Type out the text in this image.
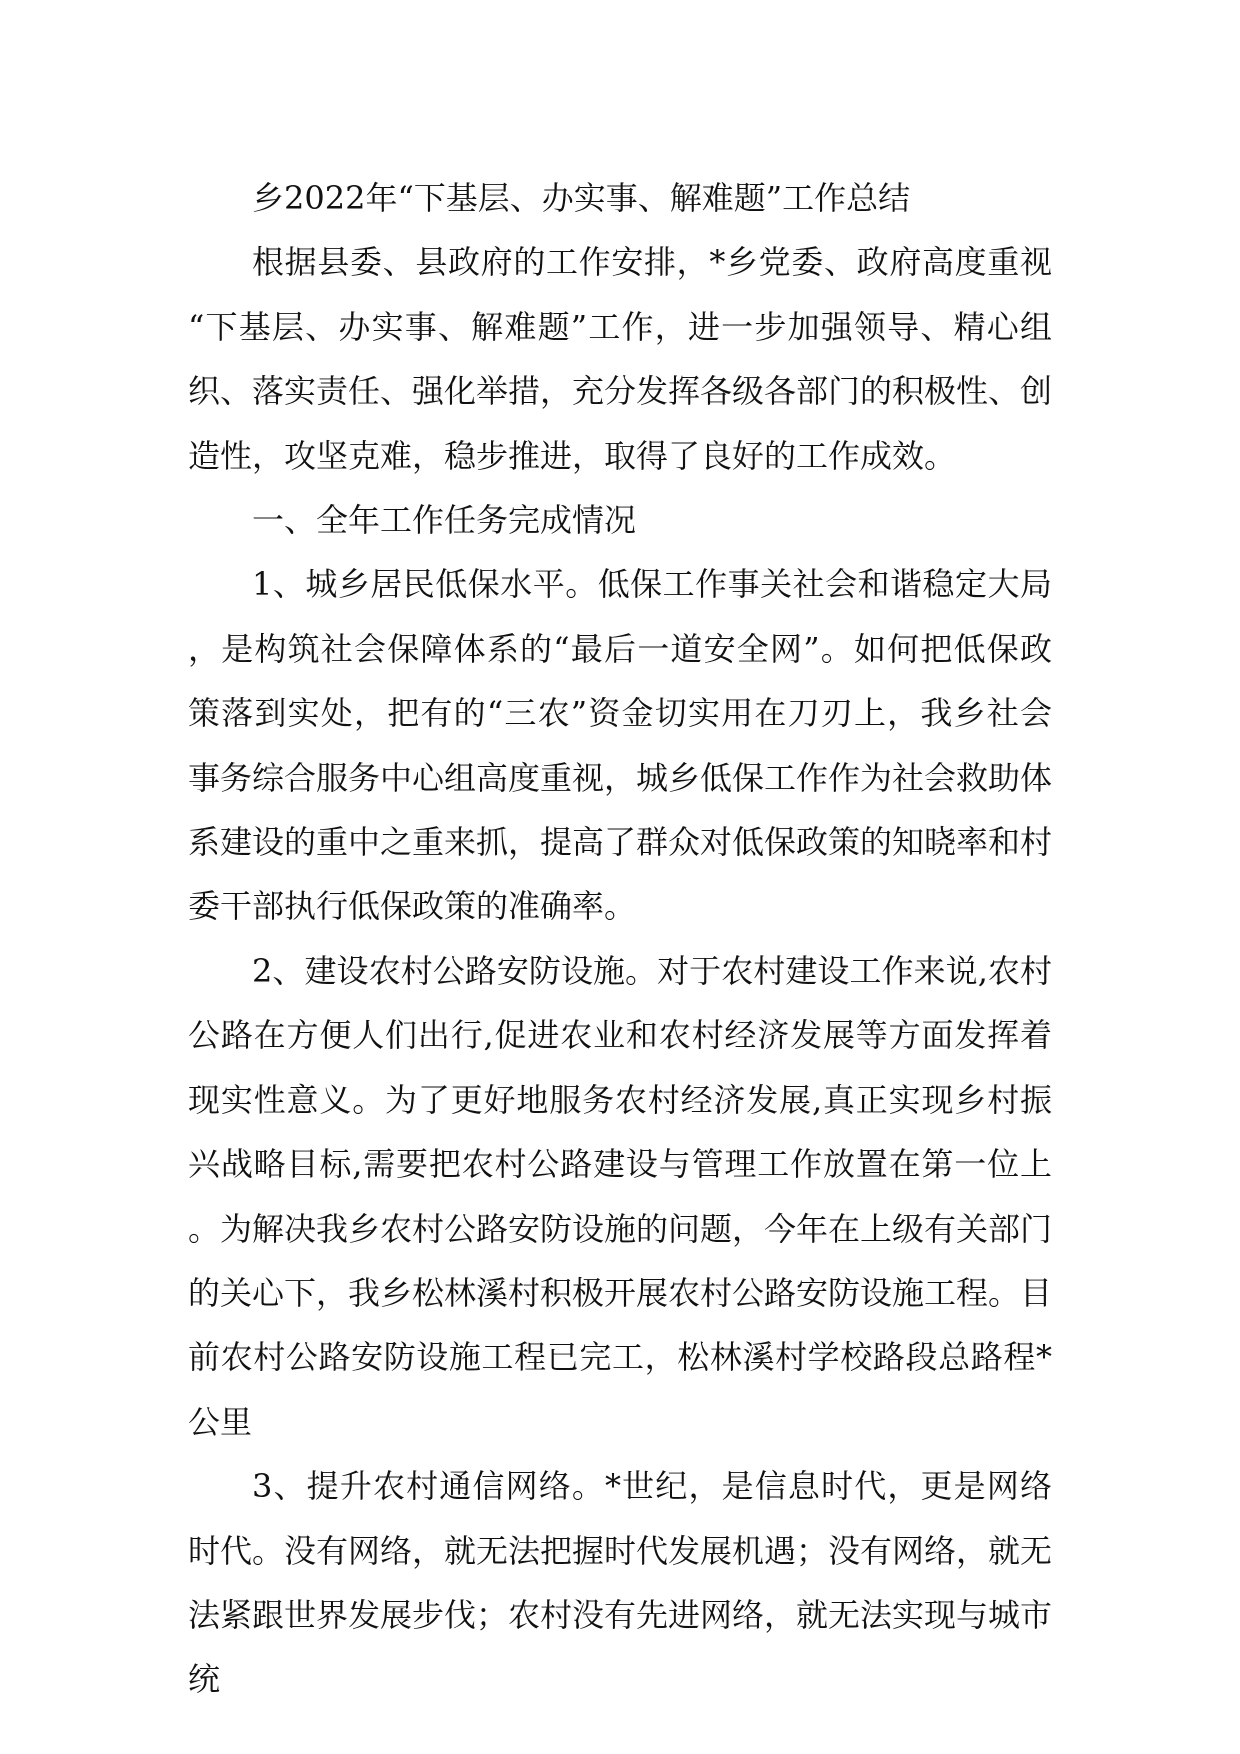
乡2022年“下基层、办实事、解难题”工作总结

根据县委、县政府的工作安排，*乡党委、政府高度重视“下基层、办实事、解难题”工作，进一步加强领导、精心组织、落实责任、强化举措，充分发挥各级各部门的积极性、创造性，攻坚克难，稳步推进，取得了良好的工作成效。

一、全年工作任务完成情况

1、城乡居民低保水平。低保工作事关社会和谐稳定大局，是构筑社会保障体系的“最后一道安全网”。如何把低保政策落到实处，把有的“三农”资金切实用在刀刃上，我乡社会事务综合服务中心组高度重视，城乡低保工作作为社会救助体系建设的重中之重来抓，提高了群众对低保政策的知晓率和村委干部执行低保政策的准确率。

2、建设农村公路安防设施。对于农村建设工作来说,农村公路在方便人们出行,促进农业和农村经济发展等方面发挥着现实性意义。为了更好地服务农村经济发展,真正实现乡村振兴战略目标,需要把农村公路建设与管理工作放置在第一位上。为解决我乡农村公路安防设施的问题，今年在上级有关部门的关心下，我乡松林溪村积极开展农村公路安防设施工程。目前农村公路安防设施工程已完工，松林溪村学校路段总路程*公里

3、提升农村通信网络。*世纪，是信息时代，更是网络时代。没有网络，就无法把握时代发展机遇；没有网络，就无法紧跟世界发展步伐；农村没有先进网络，就无法实现与城市统
